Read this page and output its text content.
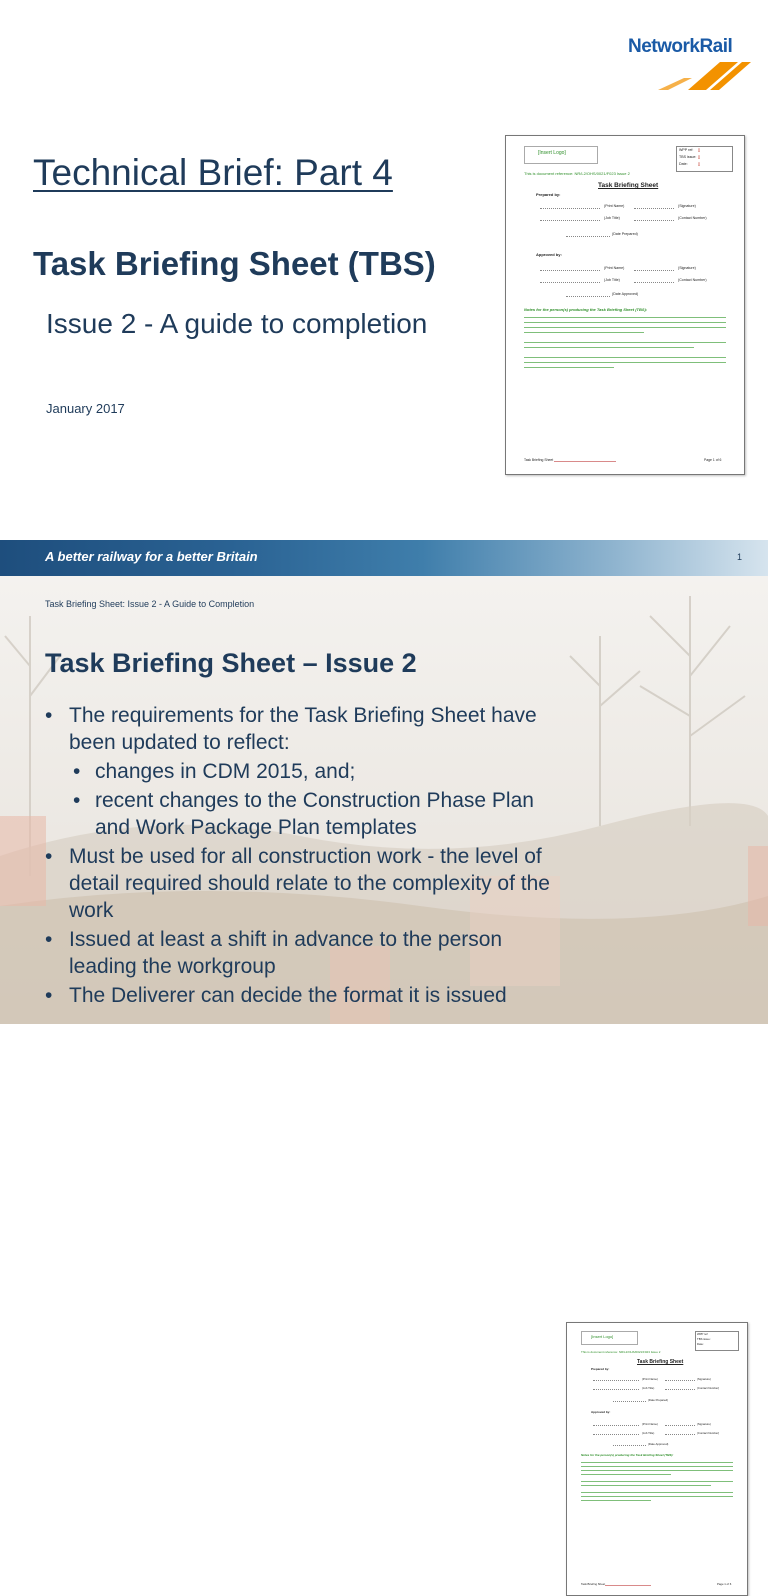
NetworkRail
Technical Brief: Part 4
Task Briefing Sheet (TBS)
Issue 2 - A guide to completion
January 2017
[Insert Logo]	WPP ref: []
TBS issue: []
Date:	[]
This is document reference: NR/L2/OHS/0021/F023 Issue 2
Task Briefing Sheet
Prepared by:
(Print Name)	(Signature)
(Job Title)	(Contact Number)
(Date Prepared)
Approved by:
(Print Name)	(Signature)
(Job Title)	(Contact Number)
(Date Approved)
Notes for the person(s) producing the Task Briefing Sheet (TBS):
Task Briefing Sheet	Page 1 of 6
A better railway for a better Britain	1
Task Briefing Sheet: Issue 2 - A Guide to Completion
Task Briefing Sheet – Issue 2
• The requirements for the Task Briefing Sheet have been updated to reflect:
• changes in CDM 2015, and;
• recent changes to the Construction Phase Plan and Work Package Plan templates
• Must be used for all construction work - the level of detail required should relate to the complexity of the work
• Issued at least a shift in advance to the person leading the workgroup
• The Deliverer can decide the format it is issued
[Insert Logo]	WPP ref:
TBS issue:
Date:
This is document reference: NR/L2/OHS/0021/F023 Issue 2
Task Briefing Sheet
Prepared by:
(Print Name)	(Signature)
(Job Title)	(Contact Number)
(Date Prepared)
Approved by:
(Print Name)	(Signature)
(Job Title)	(Contact Number)
(Date Approved)
Notes for the person(s) producing the Task Briefing Sheet (TBS):
Task Briefing Sheet	Page 1 of 6
